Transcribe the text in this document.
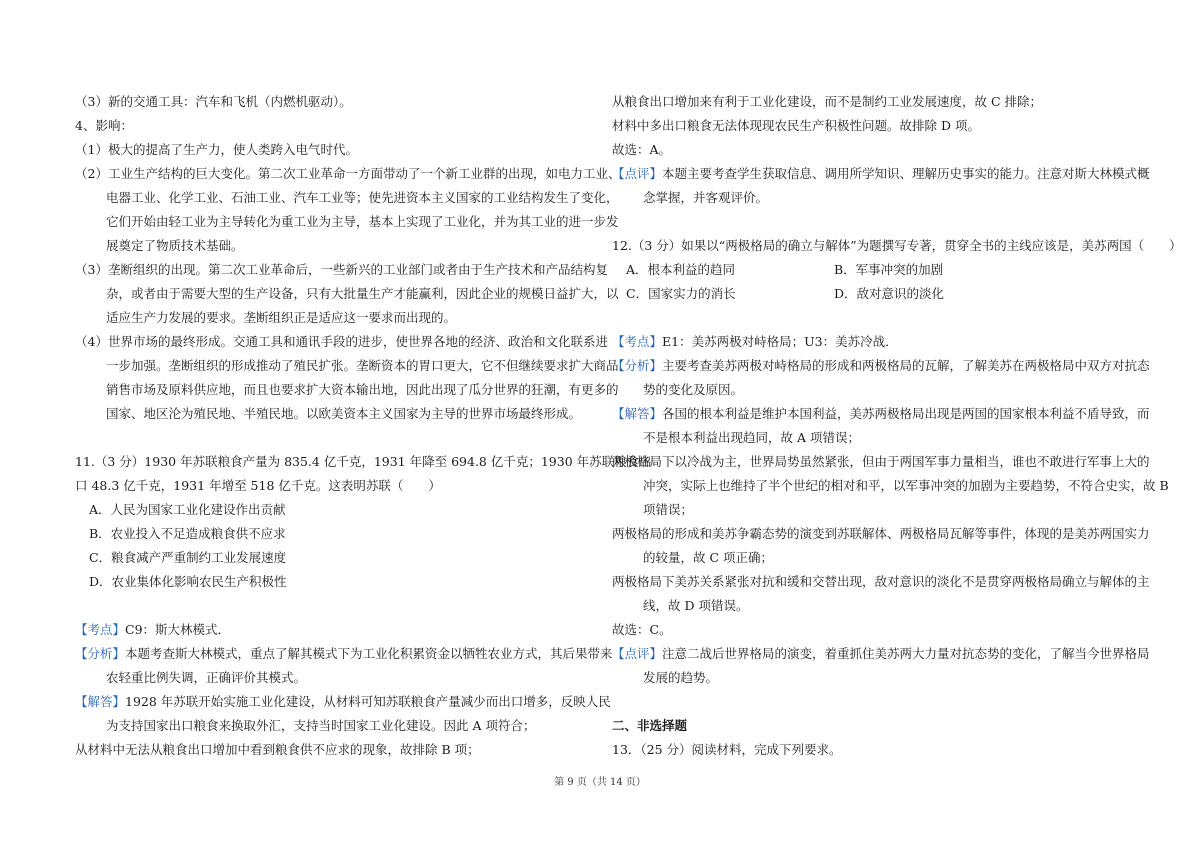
（3）新的交通工具：汽车和飞机（内燃机驱动）。
4、影响：
（1）极大的提高了生产力，使人类跨入电气时代。
（2）工业生产结构的巨大变化。第二次工业革命一方面带动了一个新工业群的出现，如电力工业、
电器工业、化学工业、石油工业、汽车工业等；使先进资本主义国家的工业结构发生了变化，
它们开始由轻工业为主导转化为重工业为主导，基本上实现了工业化，并为其工业的进一步发
展奠定了物质技术基础。
（3）垄断组织的出现。第二次工业革命后，一些新兴的工业部门或者由于生产技术和产品结构复
杂，或者由于需要大型的生产设备，只有大批量生产才能赢利，因此企业的规模日益扩大，以
适应生产力发展的要求。垄断组织正是适应这一要求而出现的。
（4）世界市场的最终形成。交通工具和通讯手段的进步，使世界各地的经济、政治和文化联系进
一步加强。垄断组织的形成推动了殖民扩张。垄断资本的胃口更大，它不但继续要求扩大商品
销售市场及原料供应地，而且也要求扩大资本输出地，因此出现了瓜分世界的狂潮，有更多的
国家、地区沦为殖民地、半殖民地。以欧美资本主义国家为主导的世界市场最终形成。
11.（3 分）1930 年苏联粮食产量为 835.4 亿千克，1931 年降至 694.8 亿千克；1930 年苏联粮食出
口 48.3 亿千克，1931 年增至 518 亿千克。这表明苏联（　　）
A．人民为国家工业化建设作出贡献
B．农业投入不足造成粮食供不应求
C．粮食减产严重制约工业发展速度
D．农业集体化影响农民生产积极性
【考点】C9：斯大林模式．
【分析】本题考查斯大林模式，重点了解其模式下为工业化积累资金以牺牲农业方式，其后果带来
农轻重比例失调，正确评价其模式。
【解答】1928 年苏联开始实施工业化建设，从材料可知苏联粮食产量减少而出口增多，反映人民
为支持国家出口粮食来换取外汇，支持当时国家工业化建设。因此 A 项符合；
从材料中无法从粮食出口增加中看到粮食供不应求的现象，故排除 B 项；
从粮食出口增加来有利于工业化建设，而不是制约工业发展速度，故 C 排除；
材料中多出口粮食无法体现现农民生产积极性问题。故排除 D 项。
故选：A。
【点评】本题主要考查学生获取信息、调用所学知识、理解历史事实的能力。注意对斯大林模式概
念掌握，并客观评价。
12.（3 分）如果以“两极格局的确立与解体”为题撰写专著，贯穿全书的主线应该是，美苏两国（　　）
A．根本利益的趋同	B．军事冲突的加剧
C．国家实力的消长	D．敌对意识的淡化
【考点】E1：美苏两极对峙格局；U3：美苏冷战．
【分析】主要考查美苏两极对峙格局的形成和两极格局的瓦解，了解美苏在两极格局中双方对抗态
势的变化及原因。
【解答】各国的根本利益是维护本国利益，美苏两极格局出现是两国的国家根本利益不盾导致，而
不是根本利益出现趋同，故 A 项错误；
两极格局下以冷战为主，世界局势虽然紧张，但由于两国军事力量相当，谁也不敢进行军事上大的
冲突，实际上也维持了半个世纪的相对和平，以军事冲突的加剧为主要趋势，不符合史实，故 B
项错误；
两极格局的形成和美苏争霸态势的演变到苏联解体、两极格局瓦解等事件，体现的是美苏两国实力
的较量，故 C 项正确；
两极格局下美苏关系紧张对抗和缓和交替出现，敌对意识的淡化不是贯穿两极格局确立与解体的主
线，故 D 项错误。
故选：C。
【点评】注意二战后世界格局的演变，着重抓住美苏两大力量对抗态势的变化，了解当今世界格局
发展的趋势。
二、非选择题
13．（25 分）阅读材料，完成下列要求。
第 9 页（共 14 页）
